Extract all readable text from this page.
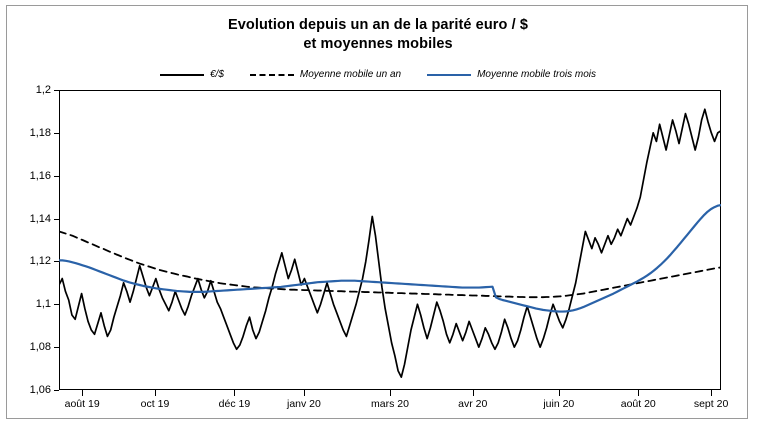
Evolution depuis un an de la parité euro / $
et moyennes mobiles
€/$	Moyenne mobile un an	Moyenne mobile trois mois
1,06
1,08
1,1
1,12
1,14
1,16
1,18
1,2
août 19	oct 19	déc 19	janv 20	mars 20	avr 20	juin 20	août 20	sept 20
